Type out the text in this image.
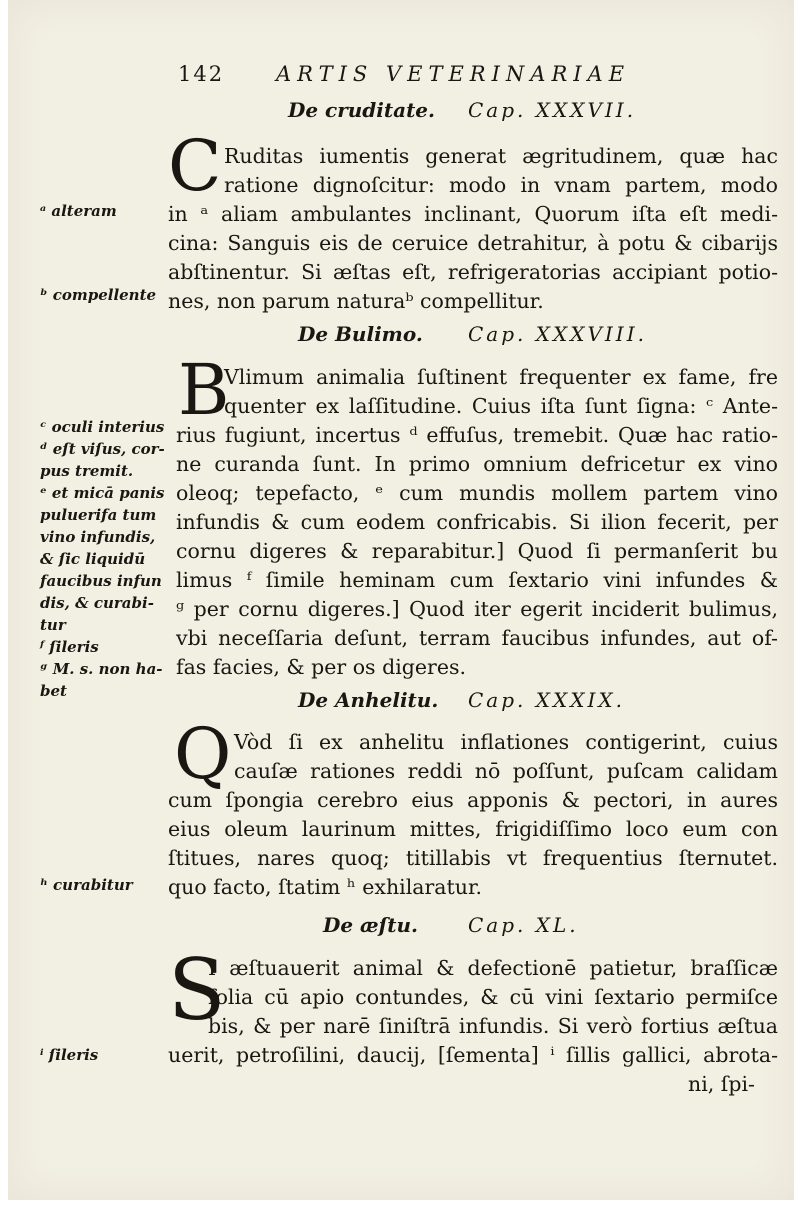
142 ARTIS VETERINARIAE
De cruditate. Cap. XXXVII.
C Ruditas iumentis generat ægritudinem, quæ hac
ratione dignoſcitur: modo in vnam partem, modo
in ᵃ aliam ambulantes inclinant, Quorum iſta eſt medi-
cina: Sanguis eis de ceruice detrahitur, à potu & cibarijs
abſtinentur. Si æſtas eſt, refrigeratorias accipiant potio-
nes, non parum naturaᵇ compellitur.
De Bulimo. Cap. XXXVIII.
B
Vlimum animalia ſuſtinent frequenter ex fame, fre
quenter ex laſſitudine. Cuius iſta ſunt ſigna: ᶜ Ante-
rius fugiunt, incertus ᵈ effuſus, tremebit. Quæ hac ratio-
ne curanda ſunt. In primo omnium defricetur ex vino
oleoq; tepefacto, ᵉ cum mundis mollem partem vino
infundis & cum eodem confricabis. Si ilion fecerit, per
cornu digeres & reparabitur.] Quod ſi permanſerit bu
limus ᶠ ſimile heminam cum ſextario vini infundes &
ᵍ per cornu digeres.] Quod iter egerit inciderit bulimus,
vbi neceſſaria deſunt, terram faucibus infundes, aut of-
fas facies, & per os digeres.
De Anhelitu. Cap. XXXIX.
Q Vòd ſi ex anhelitu inflationes contigerint, cuius
cauſæ rationes reddi nō poſſunt, puſcam calidam
cum ſpongia cerebro eius apponis & pectori, in aures
eius oleum laurinum mittes, frigidiſſimo loco eum con
ſtitues, nares quoq; titillabis vt frequentius ſternutet.
quo facto, ſtatim ʰ exhilaratur.
De æſtu. Cap. XL.
S
I æſtuauerit animal & defectionē patietur, braſſicæ
folia cū apio contundes, & cū vini ſextario permiſce
bis, & per narē ſiniſtrā infundis. Si verò fortius æſtua
uerit, petroſilini, daucij, [ſementa] ⁱ ſillis gallici, abrota-
ni, ſpi-
ᵃ alteram
ᵇ compellente
ᶜ oculi interius
ᵈ eſt viſus, cor-
pus tremit.
ᵉ et micā panis
puluerifa tum
vino infundis,
& ſic liquidū
faucibus infun
dis, & curabi-
tur
ᶠ ſileris
ᵍ M. s. non ha-
bet
ʰ curabitur
ⁱ ſileris
